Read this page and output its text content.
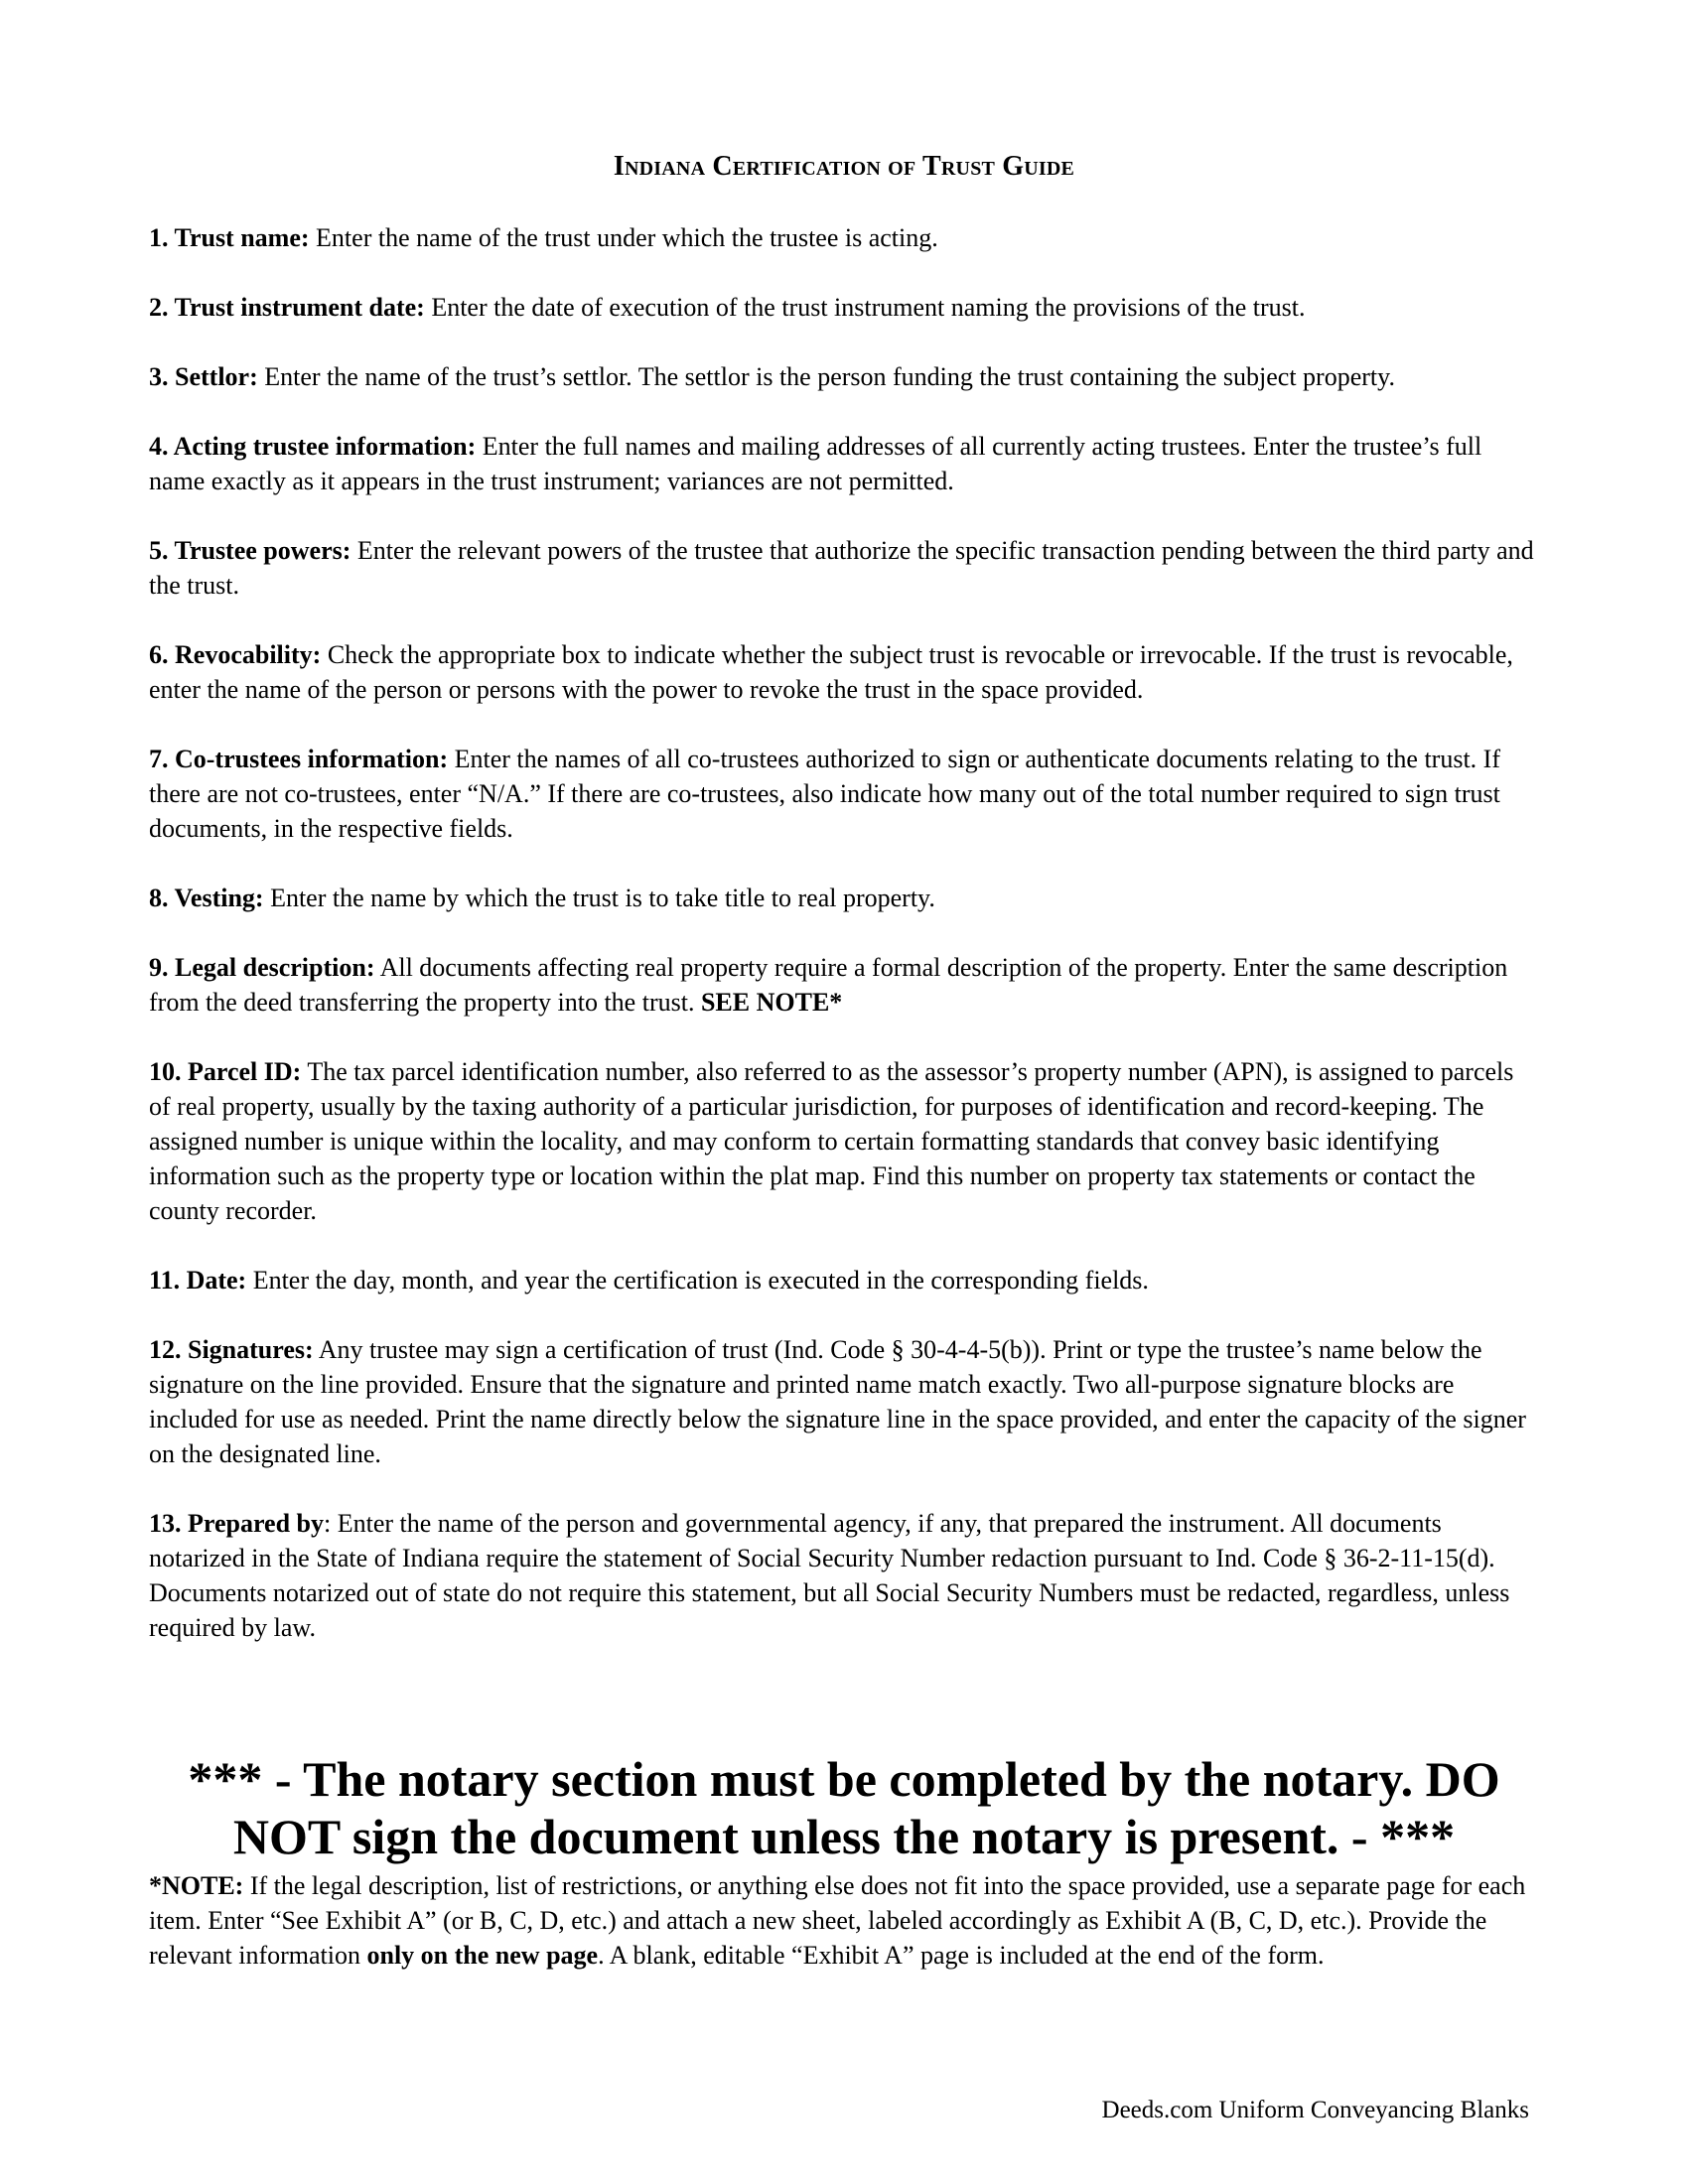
Indiana Certification of Trust Guide

1. Trust name: Enter the name of the trust under which the trustee is acting.

2. Trust instrument date: Enter the date of execution of the trust instrument naming the provisions of the trust.

3. Settlor: Enter the name of the trust’s settlor. The settlor is the person funding the trust containing the subject property.

4. Acting trustee information: Enter the full names and mailing addresses of all currently acting trustees. Enter the trustee’s full name exactly as it appears in the trust instrument; variances are not permitted.

5. Trustee powers: Enter the relevant powers of the trustee that authorize the specific transaction pending between the third party and the trust.

6. Revocability: Check the appropriate box to indicate whether the subject trust is revocable or irrevocable. If the trust is revocable, enter the name of the person or persons with the power to revoke the trust in the space provided.

7. Co-trustees information: Enter the names of all co-trustees authorized to sign or authenticate documents relating to the trust. If there are not co-trustees, enter “N/A.” If there are co-trustees, also indicate how many out of the total number required to sign trust documents, in the respective fields.

8. Vesting: Enter the name by which the trust is to take title to real property.

9. Legal description: All documents affecting real property require a formal description of the property. Enter the same description from the deed transferring the property into the trust. SEE NOTE*

10. Parcel ID: The tax parcel identification number, also referred to as the assessor’s property number (APN), is assigned to parcels of real property, usually by the taxing authority of a particular jurisdiction, for purposes of identification and record-keeping. The assigned number is unique within the locality, and may conform to certain formatting standards that convey basic identifying information such as the property type or location within the plat map. Find this number on property tax statements or contact the county recorder.

11. Date: Enter the day, month, and year the certification is executed in the corresponding fields.

12. Signatures: Any trustee may sign a certification of trust (Ind. Code § 30-4-4-5(b)). Print or type the trustee’s name below the signature on the line provided. Ensure that the signature and printed name match exactly. Two all-purpose signature blocks are included for use as needed. Print the name directly below the signature line in the space provided, and enter the capacity of the signer on the designated line.

13. Prepared by: Enter the name of the person and governmental agency, if any, that prepared the instrument. All documents notarized in the State of Indiana require the statement of Social Security Number redaction pursuant to Ind. Code § 36-2-11-15(d). Documents notarized out of state do not require this statement, but all Social Security Numbers must be redacted, regardless, unless required by law.

*** - The notary section must be completed by the notary. DO NOT sign the document unless the notary is present. - ***
*NOTE: If the legal description, list of restrictions, or anything else does not fit into the space provided, use a separate page for each item. Enter “See Exhibit A” (or B, C, D, etc.) and attach a new sheet, labeled accordingly as Exhibit A (B, C, D, etc.). Provide the relevant information only on the new page. A blank, editable “Exhibit A” page is included at the end of the form.
Deeds.com Uniform Conveyancing Blanks
